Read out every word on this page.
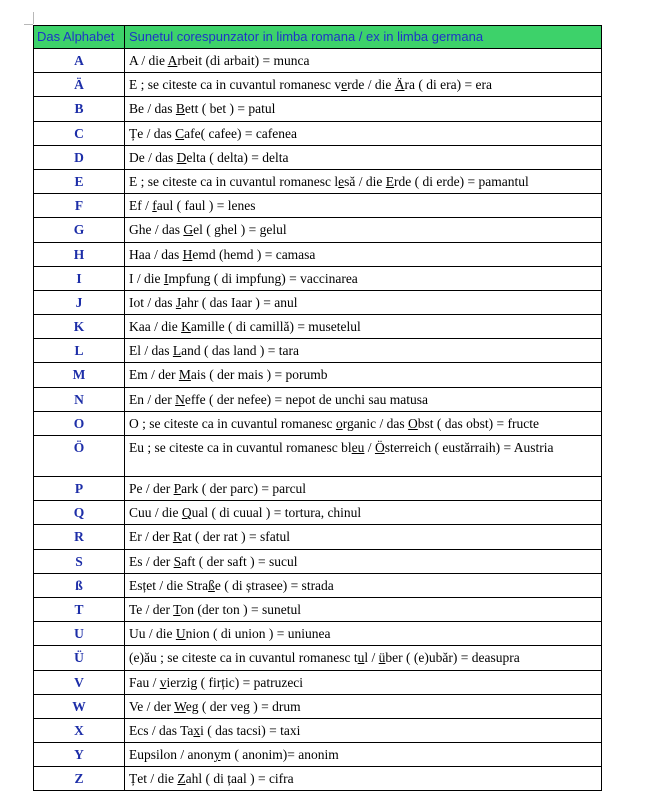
Das Alphabet	Sunetul corespunzator in limba romana / ex in limba germana
A	A / die Arbeit (di arbait) = munca
Ä	E ; se citeste ca in cuvantul romanesc verde / die Ära ( di era) = era
B	Be / das Bett ( bet ) = patul
C	Țe / das Cafe( cafee) = cafenea
D	De / das Delta ( delta) = delta
E	E ; se citeste ca in cuvantul romanesc lesă / die Erde ( di erde) = pamantul
F	Ef / faul ( faul ) = lenes
G	Ghe / das Gel ( ghel ) = gelul
H	Haa / das Hemd (hemd ) = camasa
I	I / die Impfung ( di impfung) = vaccinarea
J	Iot / das Jahr ( das Iaar ) = anul
K	Kaa / die Kamille ( di camillă) = musetelul
L	El / das Land ( das land ) = tara
M	Em / der Mais ( der mais ) = porumb
N	En / der Neffe ( der nefee) = nepot de unchi sau matusa
O	O ; se citeste ca in cuvantul romanesc organic / das Obst ( das obst) = fructe
Ö	Eu ; se citeste ca in cuvantul romanesc bleu / Österreich ( eustărraih) = Austria
P	Pe / der Park ( der parc) = parcul
Q	Cuu / die Qual ( di cuual ) = tortura, chinul
R	Er / der Rat ( der rat ) = sfatul
S	Es / der Saft ( der saft ) = sucul
ß	Esțet / die Straße ( di ștrasee) = strada
T	Te / der Ton (der ton ) = sunetul
U	Uu / die Union ( di union ) = uniunea
Ü	(e)ău ; se citeste ca in cuvantul romanesc tul / über ( (e)ubăr) = deasupra
V	Fau / vierzig ( firțic) = patruzeci
W	Ve / der Weg ( der veg ) = drum
X	Ecs / das Taxi ( das tacsi) = taxi
Y	Eupsilon / anonym ( anonim)= anonim
Z	Țet / die Zahl ( di țaal ) = cifra
